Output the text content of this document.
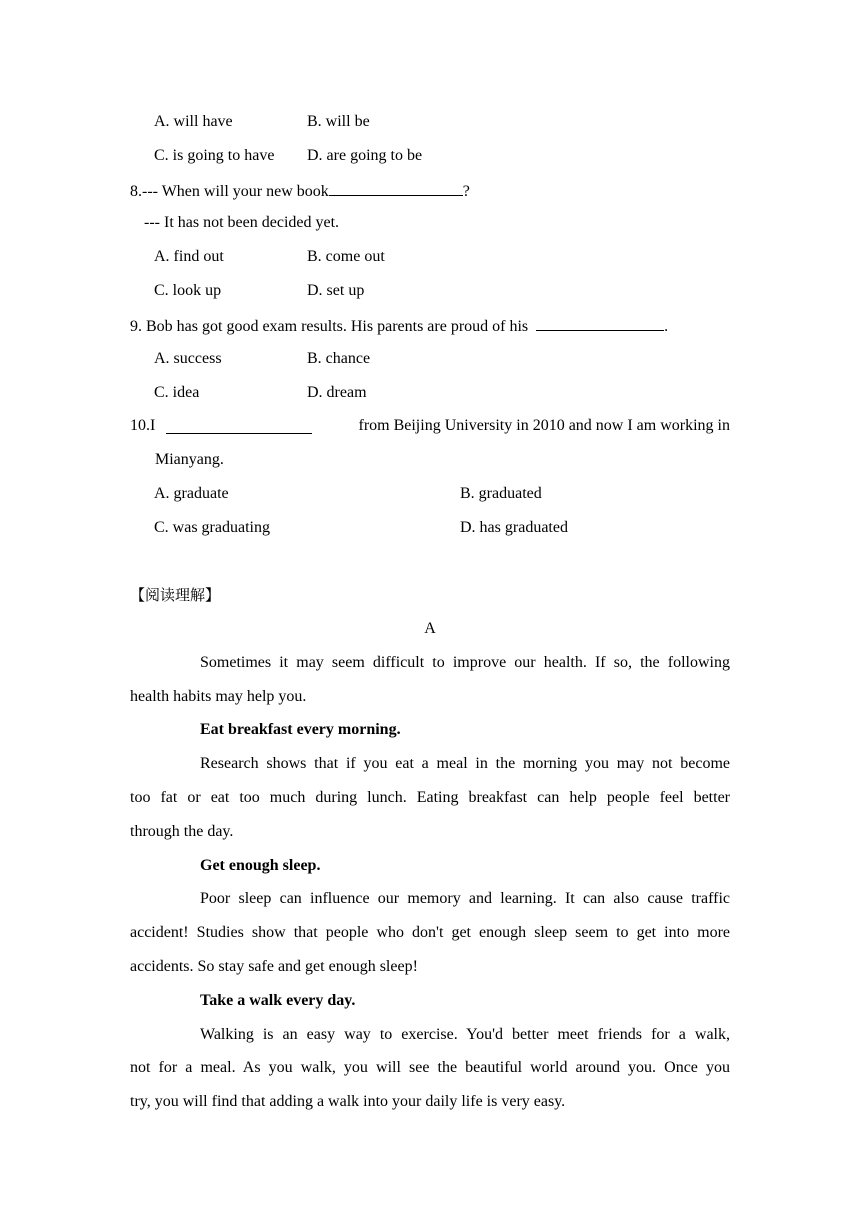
A. will have	B. will be
C. is going to have D. are going to be
8.--- When will your new book	?
--- It has not been decided yet.
A. find out	B. come out
C. look up	D. set up
9. Bob has got good exam results. His parents are proud of his	.
A. success	B. chance
C. idea	D. dream
10.I	from Beijing University in 2010 and now I am working in
Mianyang.
A. graduate	B. graduated
C. was graduating	D. has graduated
【阅读理解】
A
Sometimes it may seem difficult to improve our health. If so, the following
health habits may help you.
Eat breakfast every morning.
Research shows that if you eat a meal in the morning you may not become
too fat or eat too much during lunch. Eating breakfast can help people feel better
through the day.
Get enough sleep.
Poor sleep can influence our memory and learning. It can also cause traffic
accident! Studies show that people who don't get enough sleep seem to get into more
accidents. So stay safe and get enough sleep!
Take a walk every day.
Walking is an easy way to exercise. You'd better meet friends for a walk,
not for a meal. As you walk, you will see the beautiful world around you. Once you
try, you will find that adding a walk into your daily life is very easy.
